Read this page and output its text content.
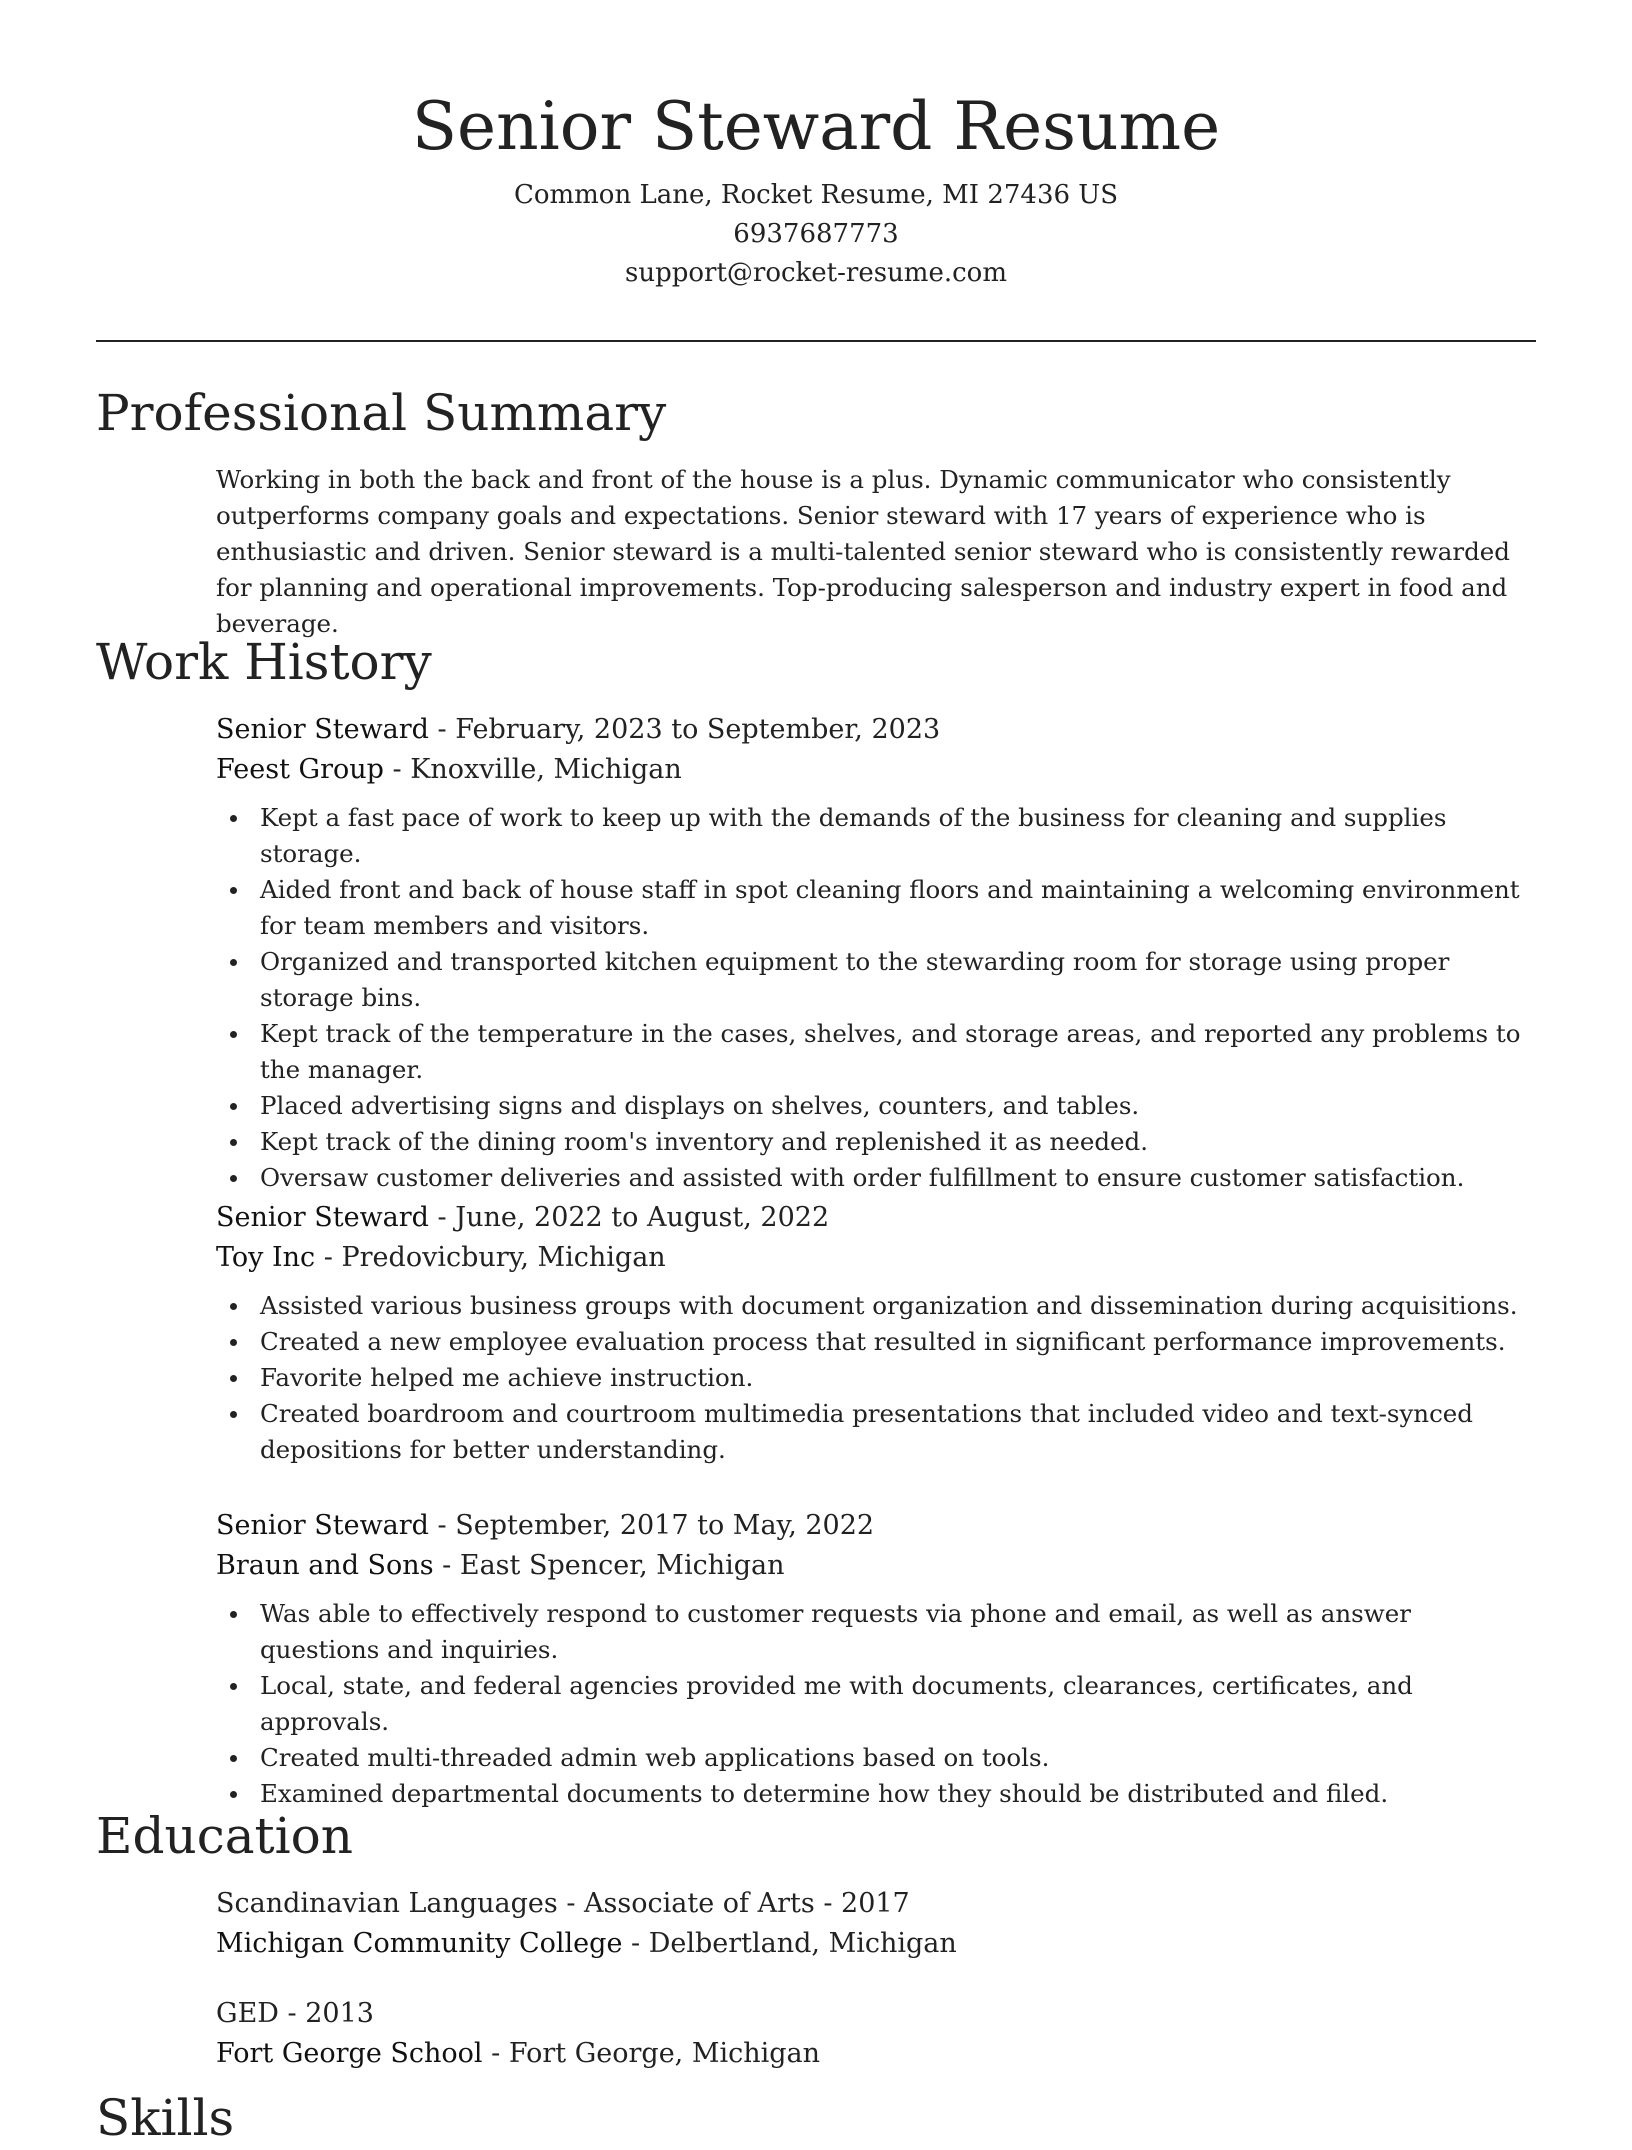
Senior Steward Resume
Common Lane, Rocket Resume, MI 27436 US
6937687773
support@rocket-resume.com
Professional Summary

Working in both the back and front of the house is a plus. Dynamic communicator who consistently outperforms company goals and expectations. Senior steward with 17 years of experience who is enthusiastic and driven. Senior steward is a multi-talented senior steward who is consistently rewarded for planning and operational improvements. Top-producing salesperson and industry expert in food and beverage.

Work History
Senior Steward - February, 2023 to September, 2023
Feest Group - Knoxville, Michigan
Kept a fast pace of work to keep up with the demands of the business for cleaning and supplies storage.
Aided front and back of house staff in spot cleaning floors and maintaining a welcoming environment for team members and visitors.
Organized and transported kitchen equipment to the stewarding room for storage using proper storage bins.
Kept track of the temperature in the cases, shelves, and storage areas, and reported any problems to the manager.
Placed advertising signs and displays on shelves, counters, and tables.
Kept track of the dining room's inventory and replenished it as needed.
Oversaw customer deliveries and assisted with order fulfillment to ensure customer satisfaction.
Senior Steward - June, 2022 to August, 2022
Toy Inc - Predovicbury, Michigan
Assisted various business groups with document organization and dissemination during acquisitions.
Created a new employee evaluation process that resulted in significant performance improvements.
Favorite helped me achieve instruction.
Created boardroom and courtroom multimedia presentations that included video and text-synced depositions for better understanding.
Senior Steward - September, 2017 to May, 2022
Braun and Sons - East Spencer, Michigan
Was able to effectively respond to customer requests via phone and email, as well as answer questions and inquiries.
Local, state, and federal agencies provided me with documents, clearances, certificates, and approvals.
Created multi-threaded admin web applications based on tools.
Examined departmental documents to determine how they should be distributed and filed.
Education
Scandinavian Languages - Associate of Arts - 2017
Michigan Community College - Delbertland, Michigan
GED - 2013
Fort George School - Fort George, Michigan
Skills
